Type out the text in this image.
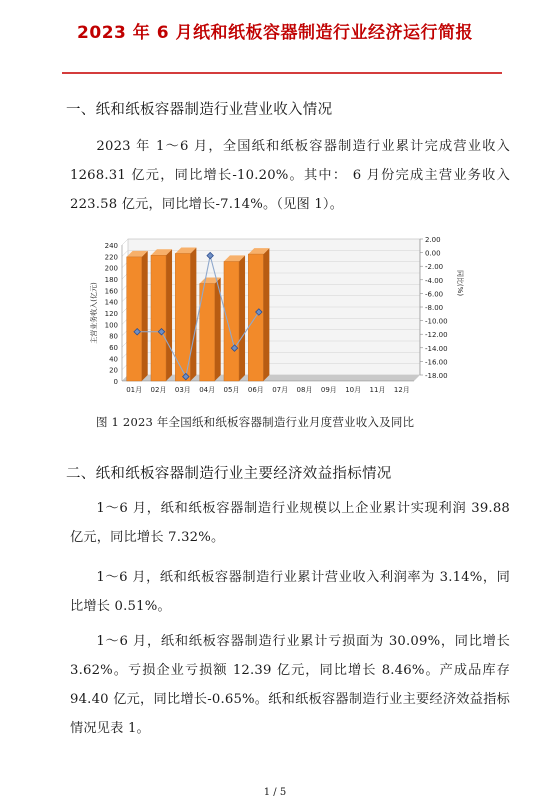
2023 年 6 月纸和纸板容器制造行业经济运行简报
一、纸和纸板容器制造行业营业收入情况

2023 年 1～6 月，全国纸和纸板容器制造行业累计完成营业收入 1268.31 亿元，同比增长-10.20%。其中： 6 月份完成主营业务收入 223.58 亿元，同比增长-7.14%。（见图 1）。

0
20
40
60
80
100
120
140
160
180
200
220
240
-18.00
-16.00
-14.00
-12.00
-10.00
-8.00
-6.00
-4.00
-2.00
0.00
2.00
主营业务收入(亿元)	同比(%)
01月 02月 03月 04月 05月 06月 07月 08月 09月 10月 11月 12月
图 1 2023 年全国纸和纸板容器制造行业月度营业收入及同比
二、纸和纸板容器制造行业主要经济效益指标情况

1～6 月，纸和纸板容器制造行业规模以上企业累计实现利润 39.88 亿元，同比增长 7.32%。

1～6 月，纸和纸板容器制造行业累计营业收入利润率为 3.14%，同比增长 0.51%。

1～6 月，纸和纸板容器制造行业累计亏损面为 30.09%，同比增长 3.62%。亏损企业亏损额 12.39 亿元，同比增长 8.46%。产成品库存 94.40 亿元，同比增长-0.65%。纸和纸板容器制造行业主要经济效益指标情况见表 1。

1 / 5
